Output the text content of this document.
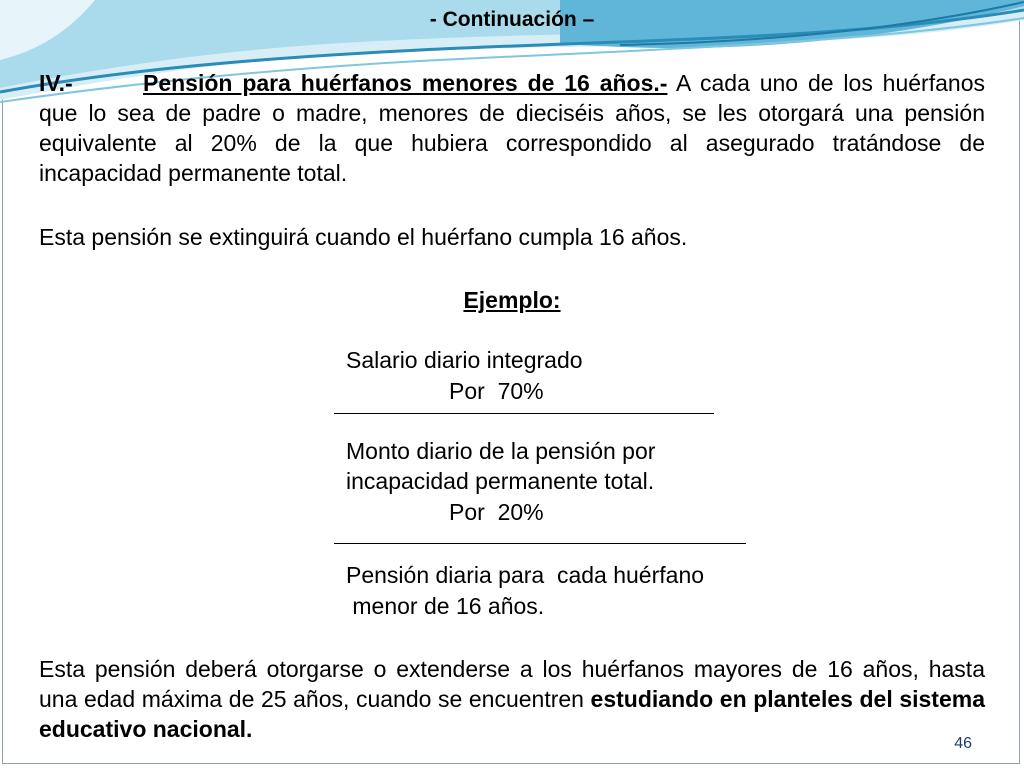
- Continuación –
IV.-	Pensión para huérfanos menores de 16 años.- A cada uno de los huérfanos que lo sea de padre o madre, menores de dieciséis años, se les otorgará una pensión equivalente al 20% de la que hubiera correspondido al asegurado tratándose de incapacidad permanente total.
Esta pensión se extinguirá cuando el huérfano cumpla 16 años.
Ejemplo:
Salario diario integrado
Por  70%
Monto diario de la pensión por
incapacidad permanente total.
Por  20%
Pensión diaria para  cada huérfano
menor de 16 años.
Esta pensión deberá otorgarse o extenderse a los huérfanos mayores de 16 años, hasta una edad máxima de 25 años, cuando se encuentren estudiando en planteles del sistema educativo nacional.
46
